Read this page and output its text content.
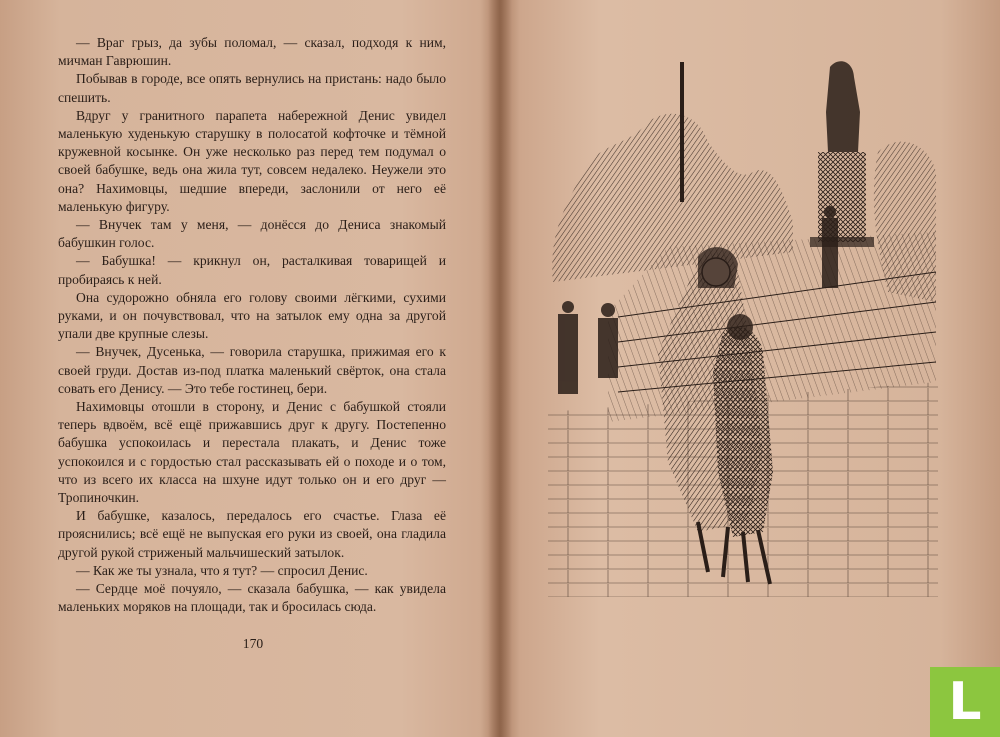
— Враг грыз, да зубы поломал, — сказал, подходя к ним, мичман Гаврюшин.

Побывав в городе, все опять вернулись на пристань: надо было спешить.

Вдруг у гранитного парапета набережной Денис увидел маленькую худенькую старушку в полосатой кофточке и тёмной кружевной косынке. Он уже несколько раз перед тем подумал о своей бабушке, ведь она жила тут, совсем недалеко. Неужели это она? Нахимовцы, шедшие впереди, заслонили от него её маленькую фигуру.

— Внучек там у меня, — донёсся до Дениса знакомый бабушкин голос.

— Бабушка! — крикнул он, расталкивая товарищей и пробираясь к ней.

Она судорожно обняла его голову своими лёгкими, сухими руками, и он почувствовал, что на затылок ему одна за другой упали две крупные слезы.

— Внучек, Дусенька, — говорила старушка, прижимая его к своей груди. Достав из-под платка маленький свёрток, она стала совать его Денису. — Это тебе гостинец, бери.

Нахимовцы отошли в сторону, и Денис с бабушкой стояли теперь вдвоём, всё ещё прижавшись друг к другу. Постепенно бабушка успокоилась и перестала плакать, и Денис тоже успокоился и с гордостью стал рассказывать ей о походе и о том, что из всего их класса на шхуне идут только он и его друг — Тропиночкин.

И бабушке, казалось, передалось его счастье. Глаза её прояснились; всё ещё не выпуская его руки из своей, она гладила другой рукой стриженый мальчишеский затылок.

— Как же ты узнала, что я тут? — спросил Денис.

— Сердце моё почуяло, — сказала бабушка, — как увидела маленьких моряков на площади, так и бросилась сюда.

170
L
